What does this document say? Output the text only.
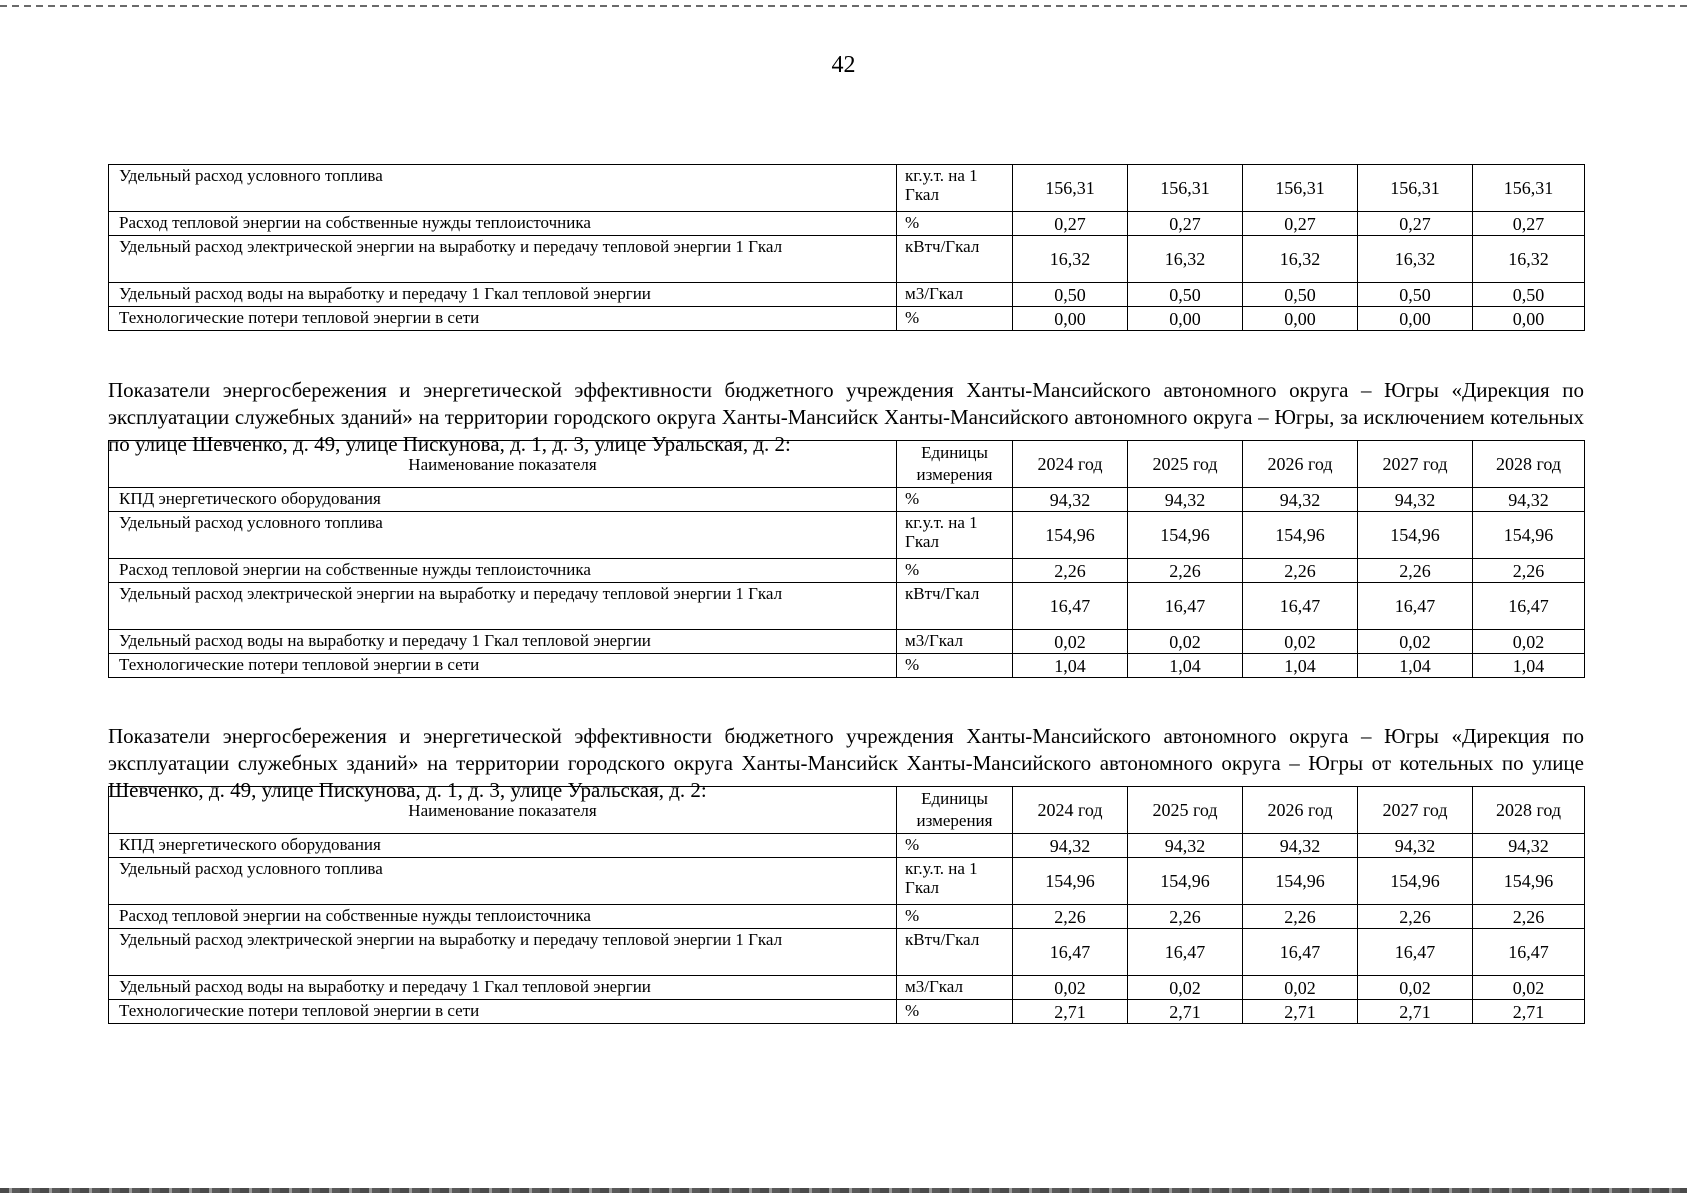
42
Удельный расход условного топлива	кг.у.т. на 1 Гкал	156,31	156,31	156,31	156,31	156,31
Расход тепловой энергии на собственные нужды теплоисточника	%	0,27	0,27	0,27	0,27	0,27
Удельный расход электрической энергии на выработку и передачу тепловой энергии 1 Гкал	кВтч/Гкал	16,32	16,32	16,32	16,32	16,32
Удельный расход воды на выработку и передачу 1 Гкал тепловой энергии	м3/Гкал	0,50	0,50	0,50	0,50	0,50
Технологические потери тепловой энергии в сети	%	0,00	0,00	0,00	0,00	0,00

Показатели энергосбережения и энергетической эффективности бюджетного учреждения Ханты-Мансийского автономного округа – Югры «Дирекция по эксплуатации служебных зданий» на территории городского округа Ханты-Мансийск Ханты-Мансийского автономного округа – Югры, за исключением котельных по улице Шевченко, д. 49, улице Пискунова, д. 1, д. 3, улице Уральская, д. 2:

Наименование показателя	Единицы измерения	2024 год	2025 год	2026 год	2027 год	2028 год
КПД энергетического оборудования	%	94,32	94,32	94,32	94,32	94,32
Удельный расход условного топлива	кг.у.т. на 1 Гкал	154,96	154,96	154,96	154,96	154,96
Расход тепловой энергии на собственные нужды теплоисточника	%	2,26	2,26	2,26	2,26	2,26
Удельный расход электрической энергии на выработку и передачу тепловой энергии 1 Гкал	кВтч/Гкал	16,47	16,47	16,47	16,47	16,47
Удельный расход воды на выработку и передачу 1 Гкал тепловой энергии	м3/Гкал	0,02	0,02	0,02	0,02	0,02
Технологические потери тепловой энергии в сети	%	1,04	1,04	1,04	1,04	1,04

Показатели энергосбережения и энергетической эффективности бюджетного учреждения Ханты-Мансийского автономного округа – Югры «Дирекция по эксплуатации служебных зданий» на территории городского округа Ханты-Мансийск Ханты-Мансийского автономного округа – Югры от котельных по улице Шевченко, д. 49, улице Пискунова, д. 1, д. 3, улице Уральская, д. 2:

Наименование показателя	Единицы измерения	2024 год	2025 год	2026 год	2027 год	2028 год
КПД энергетического оборудования	%	94,32	94,32	94,32	94,32	94,32
Удельный расход условного топлива	кг.у.т. на 1 Гкал	154,96	154,96	154,96	154,96	154,96
Расход тепловой энергии на собственные нужды теплоисточника	%	2,26	2,26	2,26	2,26	2,26
Удельный расход электрической энергии на выработку и передачу тепловой энергии 1 Гкал	кВтч/Гкал	16,47	16,47	16,47	16,47	16,47
Удельный расход воды на выработку и передачу 1 Гкал тепловой энергии	м3/Гкал	0,02	0,02	0,02	0,02	0,02
Технологические потери тепловой энергии в сети	%	2,71	2,71	2,71	2,71	2,71
